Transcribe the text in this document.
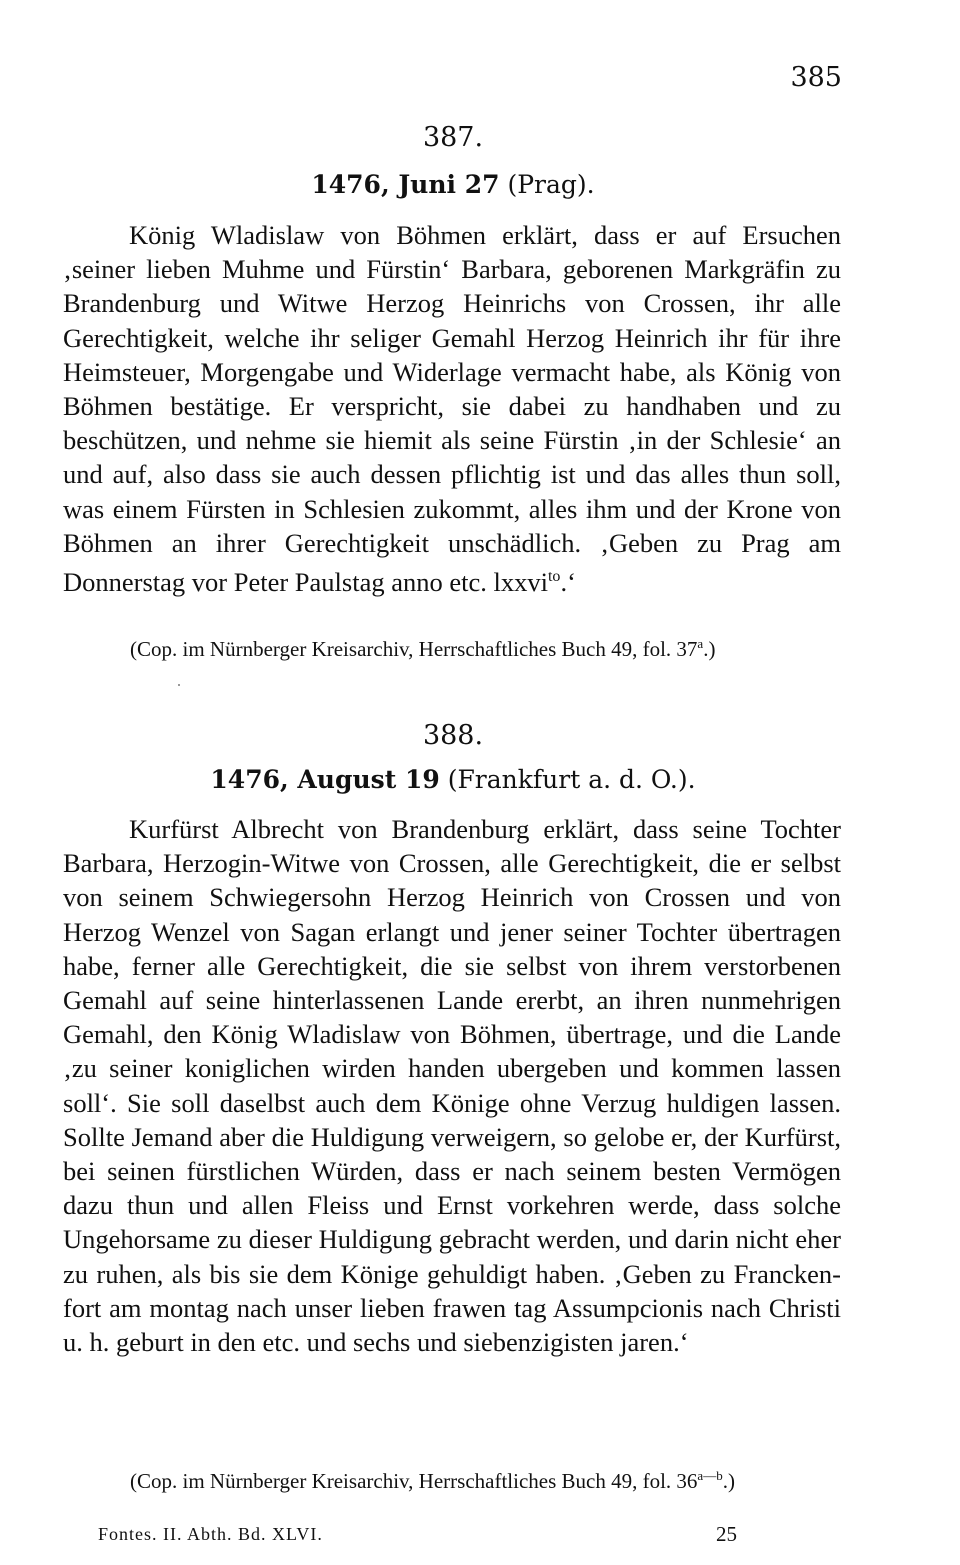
385
387.
1476, Juni 27 (Prag).
König Wladislaw von Böhmen erklärt, dass er auf Ersuchen ‚seiner lieben Muhme und Fürstin‘ Barbara, geborenen Markgräfin zu Brandenburg und Witwe Herzog Heinrichs von Crossen, ihr alle Gerechtigkeit, welche ihr seliger Gemahl Herzog Heinrich ihr für ihre Heimsteuer, Morgengabe und Widerlage vermacht habe, als König von Böhmen bestätige. Er verspricht, sie dabei zu handhaben und zu beschützen, und nehme sie hiemit als seine Fürstin ‚in der Schlesie‘ an und auf, also dass sie auch dessen pflichtig ist und das alles thun soll, was einem Fürsten in Schlesien zukommt, alles ihm und der Krone von Böhmen an ihrer Gerechtigkeit unschädlich. ‚Geben zu Prag am Donnerstag vor Peter Paulstag anno etc. lxxvi$^{to}$.‘
(Cop. im Nürnberger Kreisarchiv, Herrschaftliches Buch 49, fol. 37$^a$.)
388.
1476, August 19 (Frankfurt a. d. O.).
Kurfürst Albrecht von Brandenburg erklärt, dass seine Tochter Barbara, Herzogin-Witwe von Crossen, alle Gerechtigkeit, die er selbst von seinem Schwiegersohn Herzog Heinrich von Crossen und von Herzog Wenzel von Sagan erlangt und jener seiner Tochter übertragen habe, ferner alle Gerechtigkeit, die sie selbst von ihrem verstorbenen Gemahl auf seine hinterlassenen Lande ererbt, an ihren nunmehrigen Gemahl, den König Wladislaw von Böhmen, übertrage, und die Lande ‚zu seiner koniglichen wirden handen ubergeben und kommen lassen soll‘. Sie soll daselbst auch dem Könige ohne Verzug huldigen lassen. Sollte Jemand aber die Huldigung verweigern, so gelobe er, der Kurfürst, bei seinen fürstlichen Würden, dass er nach seinem besten Vermögen dazu thun und allen Fleiss und Ernst vorkehren werde, dass solche Ungehorsame zu dieser Huldigung gebracht werden, und darin nicht eher zu ruhen, als bis sie dem Könige gehuldigt haben. ‚Geben zu Franckenfort am montag nach unser lieben frawen tag Assumpcionis nach Christi u. h. geburt in den etc. und sechs und siebenzigisten jaren.‘
(Cop. im Nürnberger Kreisarchiv, Herrschaftliches Buch 49, fol. $36^{a—b}$.)
Fontes. II. Abth. Bd. XLVI.	25
